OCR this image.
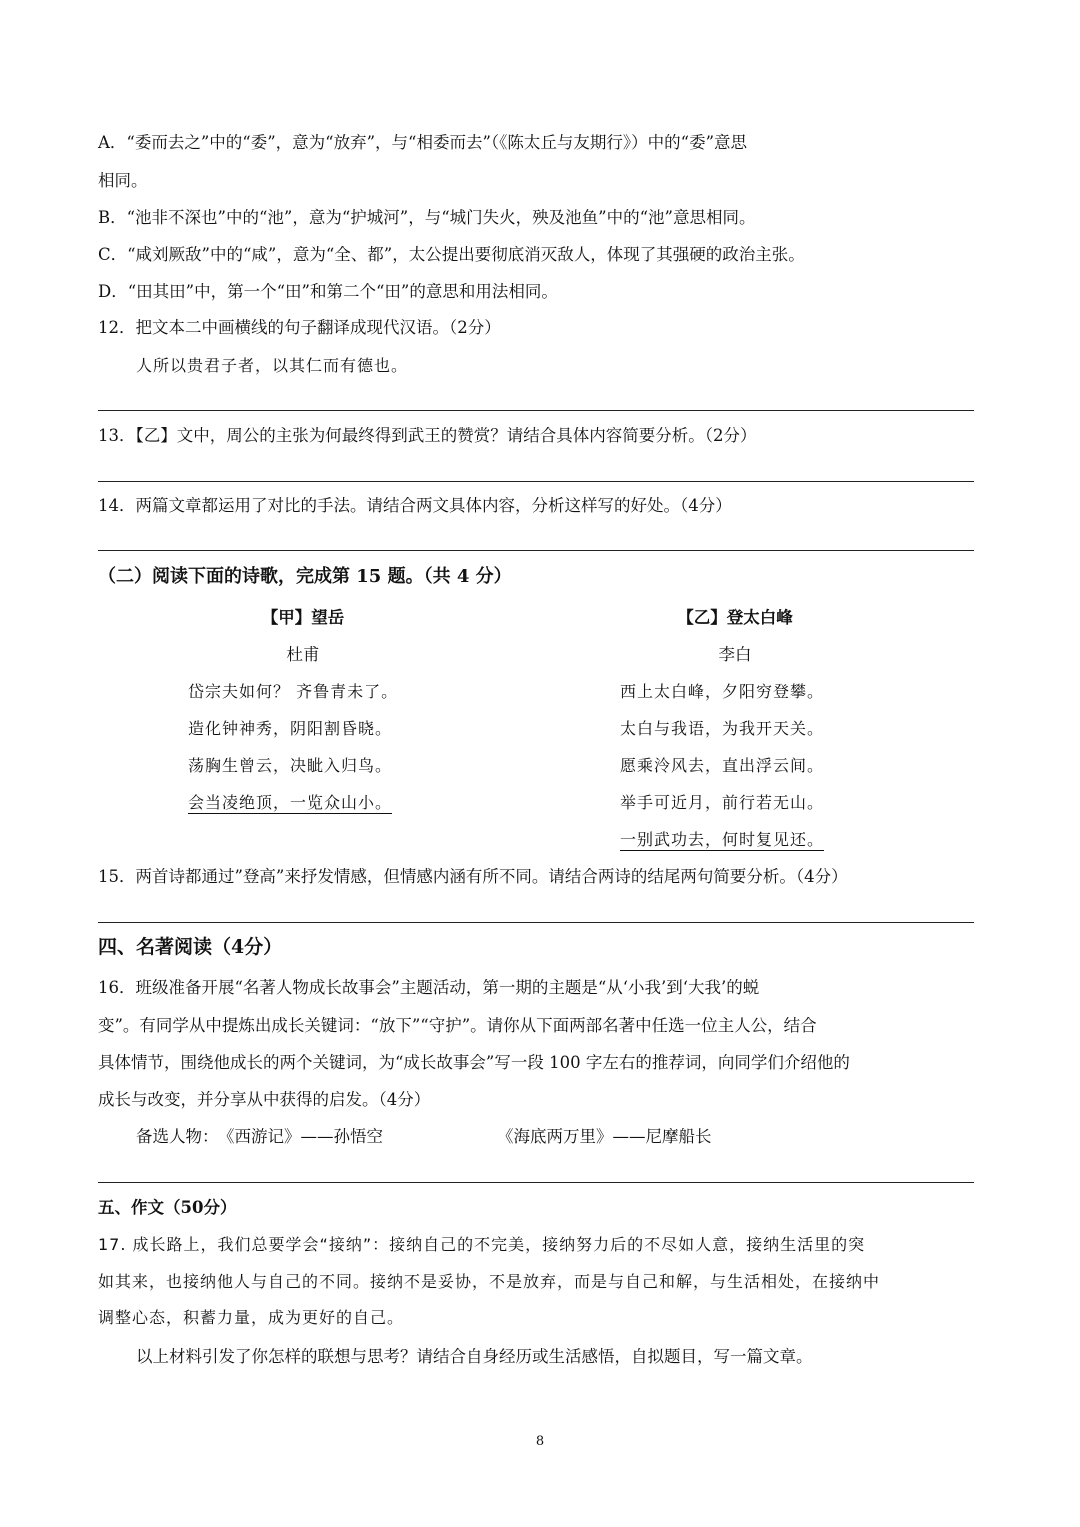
A．“委而去之”中的“委”，意为“放弃”，与“相委而去”（《陈太丘与友期行》）中的“委”意思
相同。
B．“池非不深也”中的“池”，意为“护城河”，与“城门失火，殃及池鱼”中的“池”意思相同。
C．“咸刘厥敌”中的“咸”，意为“全、都”，太公提出要彻底消灭敌人，体现了其强硬的政治主张。
D．“田其田”中，第一个“田”和第二个“田”的意思和用法相同。
12．把文本二中画横线的句子翻译成现代汉语。（2分）
人所以贵君子者，以其仁而有德也。
13．【乙】文中，周公的主张为何最终得到武王的赞赏？请结合具体内容简要分析。（2分）
14．两篇文章都运用了对比的手法。请结合两文具体内容，分析这样写的好处。（4分）
（二）阅读下面的诗歌，完成第 15 题。（共 4 分）
【甲】望岳
杜甫
岱宗夫如何？ 齐鲁青未了。
造化钟神秀，阴阳割昏晓。
荡胸生曾云，决眦入归鸟。
会当凌绝顶，一览众山小。
【乙】登太白峰
李白
西上太白峰，夕阳穷登攀。
太白与我语，为我开天关。
愿乘泠风去，直出浮云间。
举手可近月，前行若无山。
一别武功去，何时复见还。
15．两首诗都通过”登高”来抒发情感，但情感内涵有所不同。请结合两诗的结尾两句简要分析。（4分）
四、名著阅读（4分）
16．班级准备开展“名著人物成长故事会”主题活动，第一期的主题是“从‘小我’到‘大我’的蜕
变”。有同学从中提炼出成长关键词：“放下”“守护”。请你从下面两部名著中任选一位主人公，结合
具体情节，围绕他成长的两个关键词，为“成长故事会”写一段 100 字左右的推荐词，向同学们介绍他的
成长与改变，并分享从中获得的启发。（4分）
备选人物： 《西游记》——孙悟空	《海底两万里》——尼摩船长
五、作文（50分）
17. 成长路上，我们总要学会“接纳”：接纳自己的不完美，接纳努力后的不尽如人意，接纳生活里的突
如其来，也接纳他人与自己的不同。接纳不是妥协，不是放弃，而是与自己和解，与生活相处，在接纳中
调整心态，积蓄力量，成为更好的自己。
以上材料引发了你怎样的联想与思考？请结合自身经历或生活感悟，自拟题目，写一篇文章。
8
